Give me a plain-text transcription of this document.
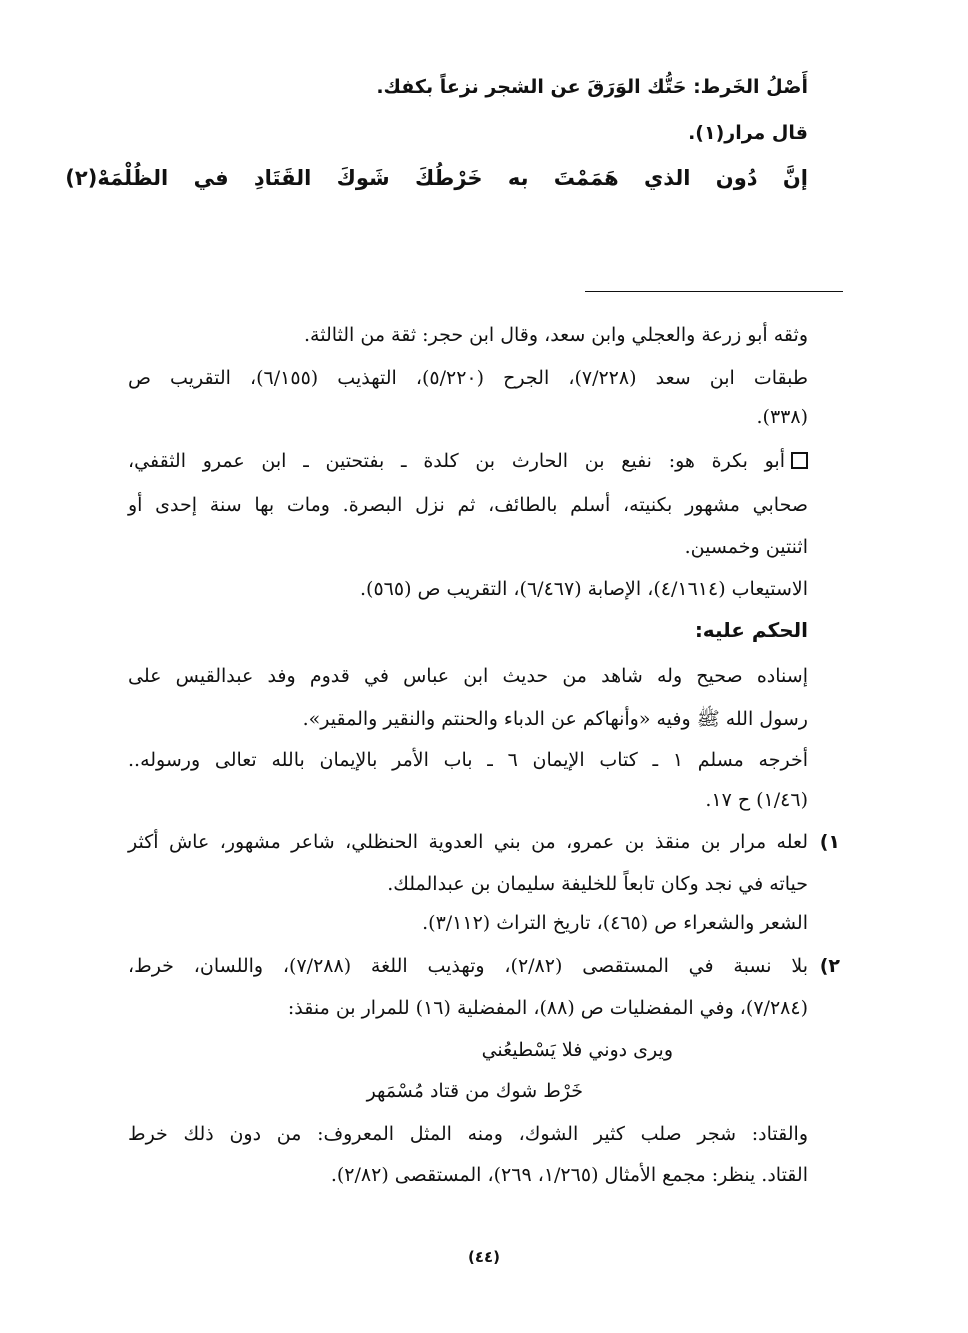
أَصْلُ الخَرط: حَتُّك الوَرَقَ عن الشجر نزعاً بكفك.
قال مرار(١).
إنَّ دُون الذي هَمَمْتَ به خَرْطُكَ شَوكَ القَتَادِ في الظُلْمَهْ(٢)
وثقه أبو زرعة والعجلي وابن سعد، وقال ابن حجر: ثقة من الثالثة.
طبقات ابن سعد (٧/٢٢٨)، الجرح (٥/٢٢٠)، التهذيب (٦/١٥٥)، التقريب ص
(٣٣٨).
أبو بكرة هو: نفيع بن الحارث بن كلدة ـ بفتحتين ـ ابن عمرو الثقفي،
صحابي مشهور بكنيته، أسلم بالطائف، ثم نزل البصرة. ومات بها سنة إحدى أو
اثنتين وخمسين.
الاستيعاب (٤/١٦١٤)، الإصابة (٦/٤٦٧)، التقريب ص (٥٦٥).
الحكم عليه:
إسناده صحيح وله شاهد من حديث ابن عباس في قدوم وفد عبدالقيس على
رسول الله ﷺ وفيه «وأنهاكم عن الدباء والحنتم والنقير والمقير».
أخرجه مسلم ١ ـ كتاب الإيمان ٦ ـ باب الأمر بالإيمان بالله تعالى ورسوله..
(١/٤٦) ح ١٧.
١)
لعله مرار بن منقذ بن عمرو، من بني العدوية الحنظلي، شاعر مشهور، عاش أكثر
حياته في نجد وكان تابعاً للخليفة سليمان بن عبدالملك.
الشعر والشعراء ص (٤٦٥)، تاريخ التراث (٣/١١٢).
٢)
بلا نسبة في المستقصى (٢/٨٢)، وتهذيب اللغة (٧/٢٨٨)، واللسان، خرط،
(٧/٢٨٤)، وفي المفضليات ص (٨٨)، المفضلية (١٦) للمرار بن منقذ:
ويرى دوني فلا يَسْطيعُني
خَرْط شوك من قتاد مُسْمَهر
والقتاد: شجر صلب كثير الشوك، ومنه المثل المعروف: من دون ذلك خرط
القتاد. ينظر: مجمع الأمثال (١/٢٦٥، ٢٦٩)، المستقصى (٢/٨٢).
(٤٤)
